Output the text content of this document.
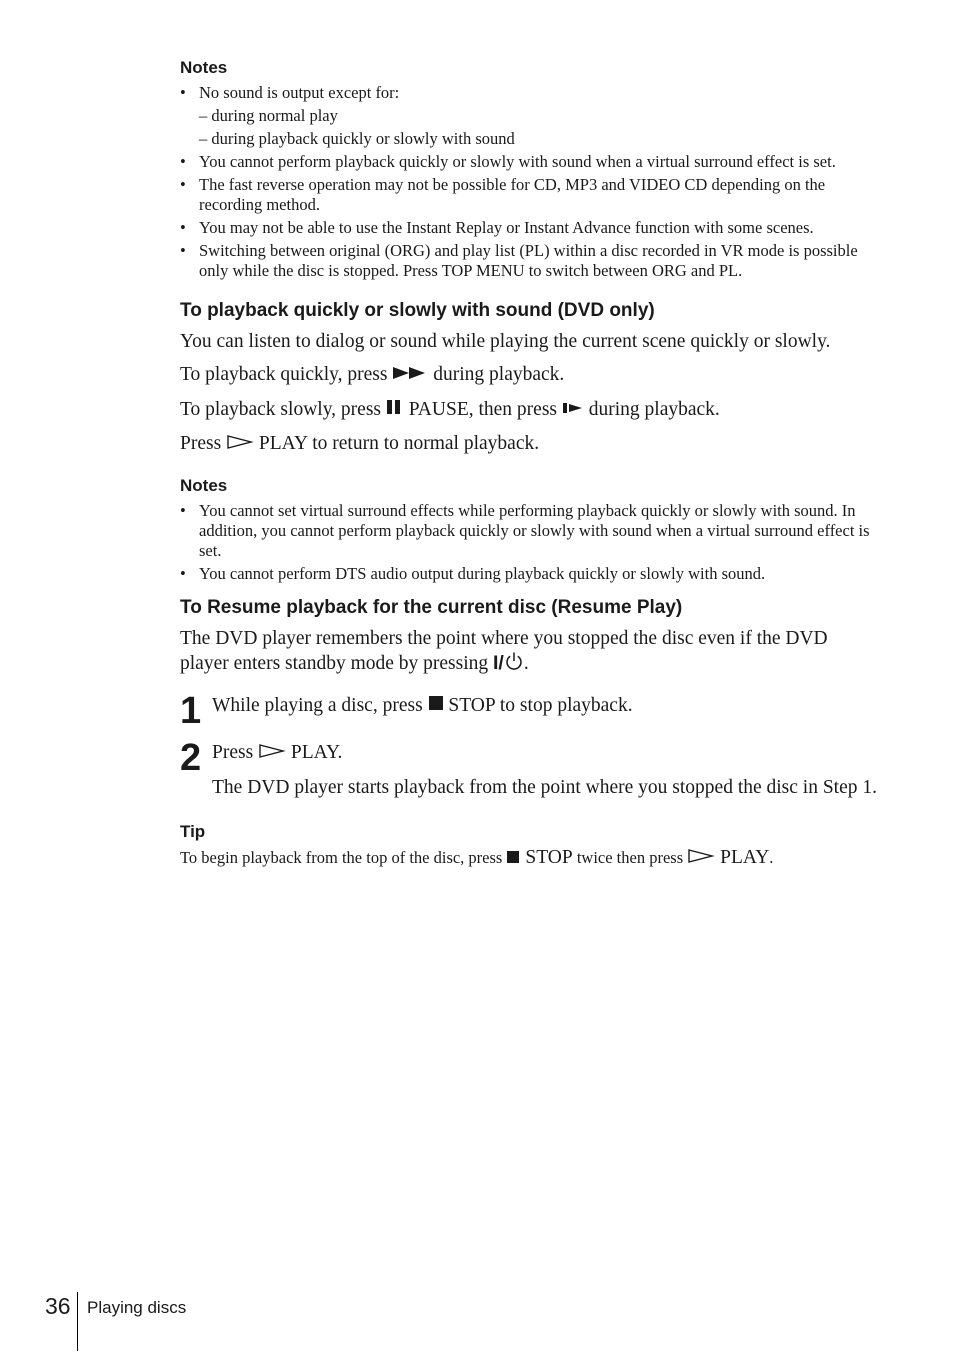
Notes
• No sound is output except for:
– during normal play
– during playback quickly or slowly with sound
• You cannot perform playback quickly or slowly with sound when a virtual surround effect is set.
• The fast reverse operation may not be possible for CD, MP3 and VIDEO CD depending on the recording method.
• You may not be able to use the Instant Replay or Instant Advance function with some scenes.
• Switching between original (ORG) and play list (PL) within a disc recorded in VR mode is possible only while the disc is stopped. Press TOP MENU to switch between ORG and PL.
To playback quickly or slowly with sound (DVD only)

You can listen to dialog or sound while playing the current scene quickly or slowly.

To playback quickly, press  during playback.

To playback slowly, press  PAUSE, then press  during playback.

Press  PLAY to return to normal playback.

Notes
• You cannot set virtual surround effects while performing playback quickly or slowly with sound. In addition, you cannot perform playback quickly or slowly with sound when a virtual surround effect is set.
• You cannot perform DTS audio output during playback quickly or slowly with sound.
To Resume playback for the current disc (Resume Play)

The DVD player remembers the point where you stopped the disc even if the DVD player enters standby mode by pressing I/ .

1 While playing a disc, press  STOP to stop playback.

2 Press  PLAY.

The DVD player starts playback from the point where you stopped the disc in Step 1.

Tip

To begin playback from the top of the disc, press  STOP twice then press  PLAY.

36 Playing discs
